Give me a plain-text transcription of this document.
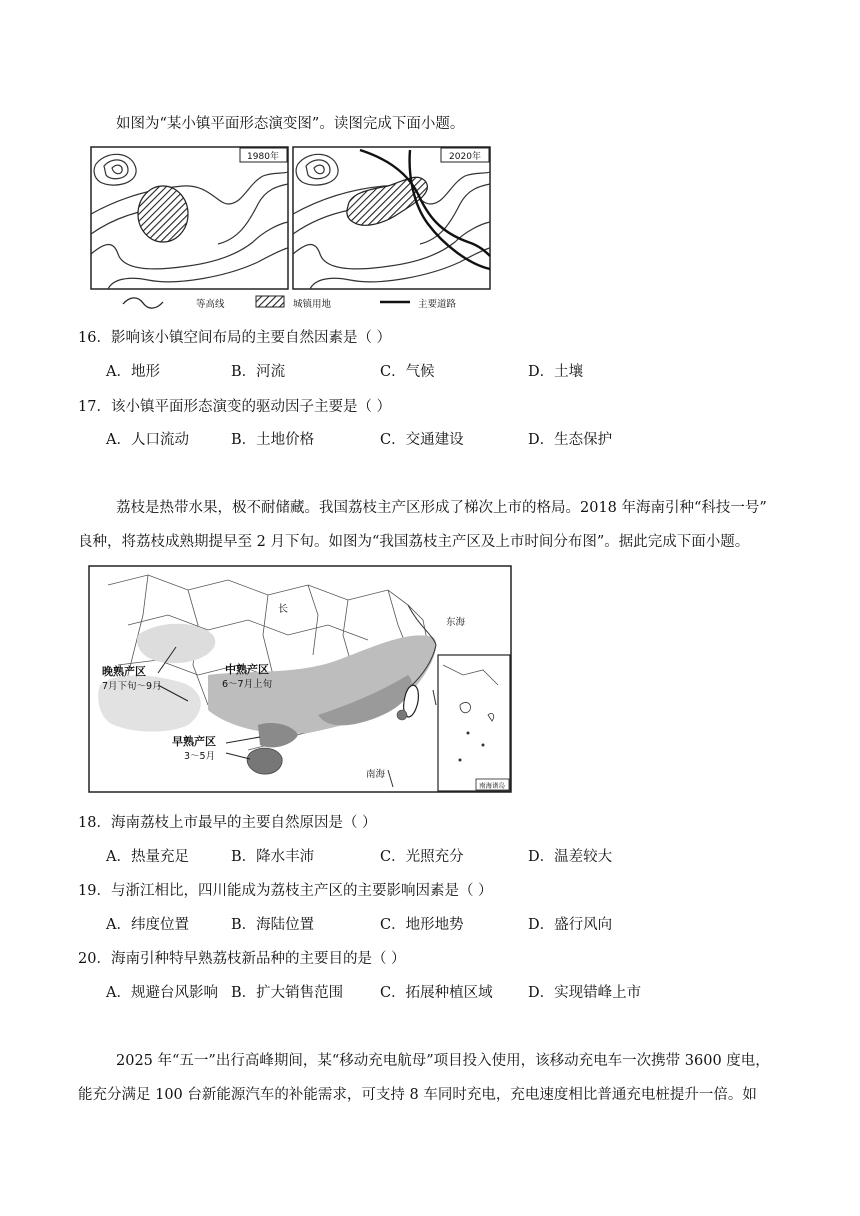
如图为“某小镇平面形态演变图”。读图完成下面小题。
1980年	2020年
等高线	城镇用地	主要道路
16．影响该小镇空间布局的主要自然因素是（ ）
A．地形	B．河流	C．气候	D．土壤
17．该小镇平面形态演变的驱动因子主要是（ ）
A．人口流动	B．土地价格	C．交通建设	D．生态保护
荔枝是热带水果，极不耐储藏。我国荔枝主产区形成了梯次上市的格局。2018 年海南引种“科技一号”
良种，将荔枝成熟期提早至 2 月下旬。如图为“我国荔枝主产区及上市时间分布图”。据此完成下面小题。
长
东海
南海
晚熟产区
7月下旬～9月
中熟产区
6～7月上旬
早熟产区
3～5月
南海诸岛
18．海南荔枝上市最早的主要自然原因是（ ）
A．热量充足	B．降水丰沛	C．光照充分	D．温差较大
19．与浙江相比，四川能成为荔枝主产区的主要影响因素是（ ）
A．纬度位置	B．海陆位置	C．地形地势	D．盛行风向
20．海南引种特早熟荔枝新品种的主要目的是（ ）
A．规避台风影响 B．扩大销售范围	C．拓展种植区域 D．实现错峰上市
2025 年“五一”出行高峰期间，某“移动充电航母”项目投入使用，该移动充电车一次携带 3600 度电，
能充分满足 100 台新能源汽车的补能需求，可支持 8 车同时充电，充电速度相比普通充电桩提升一倍。如
